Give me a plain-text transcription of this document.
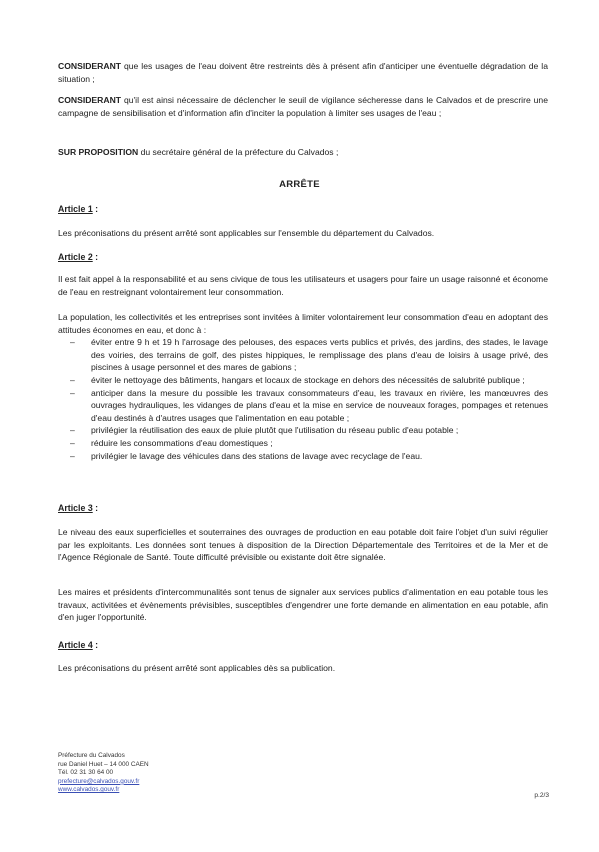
CONSIDERANT que les usages de l'eau doivent être restreints dès à présent afin d'anticiper une éventuelle dégradation de la situation ;

CONSIDERANT qu'il est ainsi nécessaire de déclencher le seuil de vigilance sécheresse dans le Calvados et de prescrire une campagne de sensibilisation et d'information afin d'inciter la population à limiter ses usages de l'eau ;

SUR PROPOSITION du secrétaire général de la préfecture du Calvados ;

ARRÊTE
Article 1 :

Les préconisations du présent arrêté sont applicables sur l'ensemble du département du Calvados.

Article 2 :

Il est fait appel à la responsabilité et au sens civique de tous les utilisateurs et usagers pour faire un usage raisonné et économe de l'eau en restreignant volontairement leur consommation.

La population, les collectivités et les entreprises sont invitées à limiter volontairement leur consommation d'eau en adoptant des attitudes économes en eau, et donc à :

– éviter entre 9 h et 19 h l'arrosage des pelouses, des espaces verts publics et privés, des jardins, des stades, le lavage des voiries, des terrains de golf, des pistes hippiques, le remplissage des plans d'eau de loisirs à usage privé, des piscines à usage personnel et des mares de gabions ;
– éviter le nettoyage des bâtiments, hangars et locaux de stockage en dehors des nécessités de salubrité publique ;
– anticiper dans la mesure du possible les travaux consommateurs d'eau, les travaux en rivière, les manœuvres des ouvrages hydrauliques, les vidanges de plans d'eau et la mise en service de nouveaux forages, pompages et retenues d'eau destinés à d'autres usages que l'alimentation en eau potable ;
– privilégier la réutilisation des eaux de pluie plutôt que l'utilisation du réseau public d'eau potable ;
– réduire les consommations d'eau domestiques ;
– privilégier le lavage des véhicules dans des stations de lavage avec recyclage de l'eau.
Article 3 :

Le niveau des eaux superficielles et souterraines des ouvrages de production en eau potable doit faire l'objet d'un suivi régulier par les exploitants. Les données sont tenues à disposition de la Direction Départementale des Territoires et de la Mer et de l'Agence Régionale de Santé. Toute difficulté prévisible ou existante doit être signalée.

Les maires et présidents d'intercommunalités sont tenus de signaler aux services publics d'alimentation en eau potable tous les travaux, activitées et évènements prévisibles, susceptibles d'engendrer une forte demande en alimentation en eau potable, afin d'en juger l'opportunité.

Article 4 :

Les préconisations du présent arrêté sont applicables dès sa publication.

Préfecture du Calvados
rue Daniel Huet – 14 000 CAEN
Tél. 02 31 30 64 00
prefecture@calvados.gouv.fr
www.calvados.gouv.fr
p.2/3
